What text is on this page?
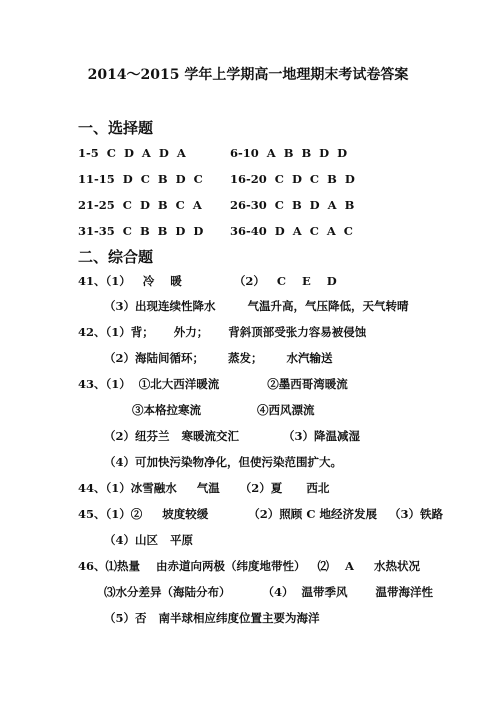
2014～2015 学年上学期高一地理期末考试卷答案
一、选择题
1-5  C  D  A  D  A	6-10  A  B  B  D  D
11-15  D  C  B  D  C 16-20  C  D  C  B  D
21-25  C  D  B  C  A 26-30  C  B  D  A  B
31-35  C  B  B  D  D 36-40  D  A  C  A  C
二、综合题
41、（1）   冷    暖             （2）   C    E    D
（3）出现连续性降水        气温升高，气压降低，天气转晴
42、（1）背；     外力；     背斜顶部受张力容易被侵蚀
（2）海陆间循环；      蒸发；      水汽输送
43、（1）  ①北大西洋暖流            ②墨西哥湾暖流
③本格拉寒流              ④西风漂流
（2）纽芬兰   寒暖流交汇           （3）降温减湿
（4）可加快污染物净化，但使污染范围扩大。
44、（1）冰雪融水     气温     （2）夏      西北
45、（1）②     坡度较缓          （2）照顾 C 地经济发展   （3）铁路
（4）山区   平原
46、⑴热量    由赤道向两极（纬度地带性）   ⑵    A     水热状况
⑶水分差异（海陆分布）        （4）  温带季风       温带海洋性
（5）否   南半球相应纬度位置主要为海洋
